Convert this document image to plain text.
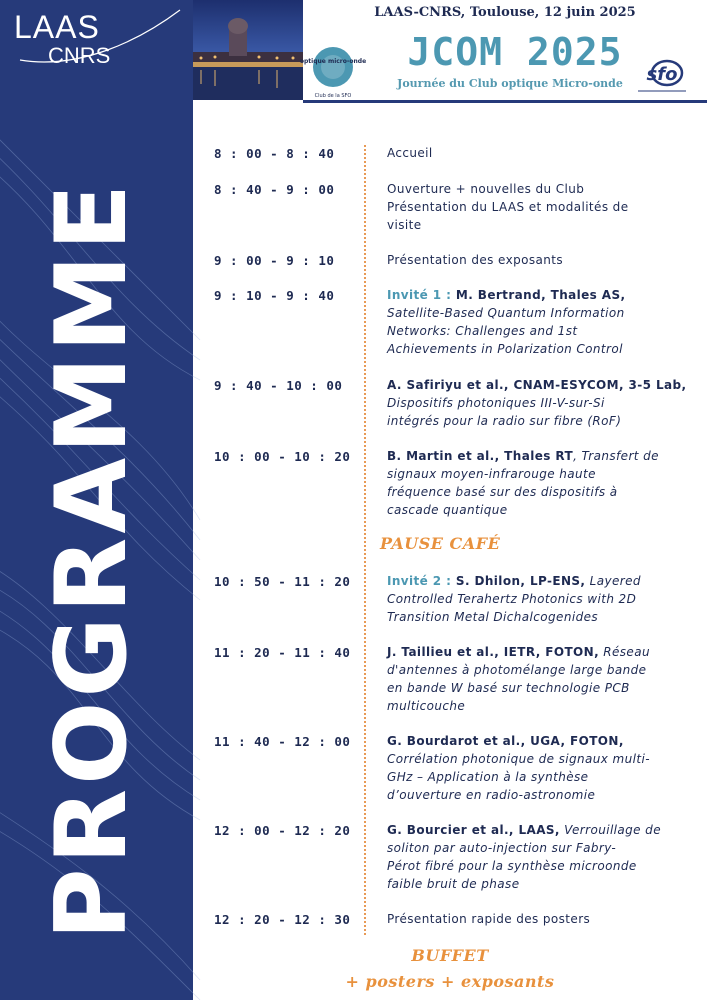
LAAS
CNRS
PROGRAMME
LAAS-CNRS, Toulouse, 12 juin 2025
JCOM 2025
Journée du Club optique Micro-onde
optique micro-onde
Club de la SFO
sfo
8 : 00 - 8 : 40	Accueil
8 : 40 - 9 : 00	Ouverture + nouvelles du Club
Présentation du LAAS et modalités de
visite
9 : 00 - 9 : 10	Présentation des exposants
9 : 10 - 9 : 40	Invité 1 : M. Bertrand, Thales AS,
Satellite-Based Quantum Information
Networks: Challenges and 1st
Achievements in Polarization Control
9 : 40 - 10 : 00	A. Safiriyu et al., CNAM-ESYCOM, 3-5 Lab,
Dispositifs photoniques III-V-sur-Si
intégrés pour la radio sur fibre (RoF)
10 : 00 - 10 : 20	B. Martin et al., Thales RT, Transfert de
signaux moyen-infrarouge haute
fréquence basé sur des dispositifs à
cascade quantique
PAUSE CAFÉ
10 : 50 - 11 : 20	Invité 2 : S. Dhilon, LP-ENS, Layered
Controlled Terahertz Photonics with 2D
Transition Metal Dichalcogenides
11 : 20 - 11 : 40	J. Taillieu et al., IETR, FOTON, Réseau
d'antennes à photomélange large bande
en bande W basé sur technologie PCB
multicouche
11 : 40 - 12 : 00	G. Bourdarot et al., UGA, FOTON,
Corrélation photonique de signaux multi-
GHz – Application à la synthèse
d’ouverture en radio-astronomie
12 : 00 - 12 : 20	G. Bourcier et al., LAAS, Verrouillage de
soliton par auto-injection sur Fabry-
Pérot fibré pour la synthèse microonde
faible bruit de phase
12 : 20 - 12 : 30	Présentation rapide des posters
BUFFET
+ posters + exposants
